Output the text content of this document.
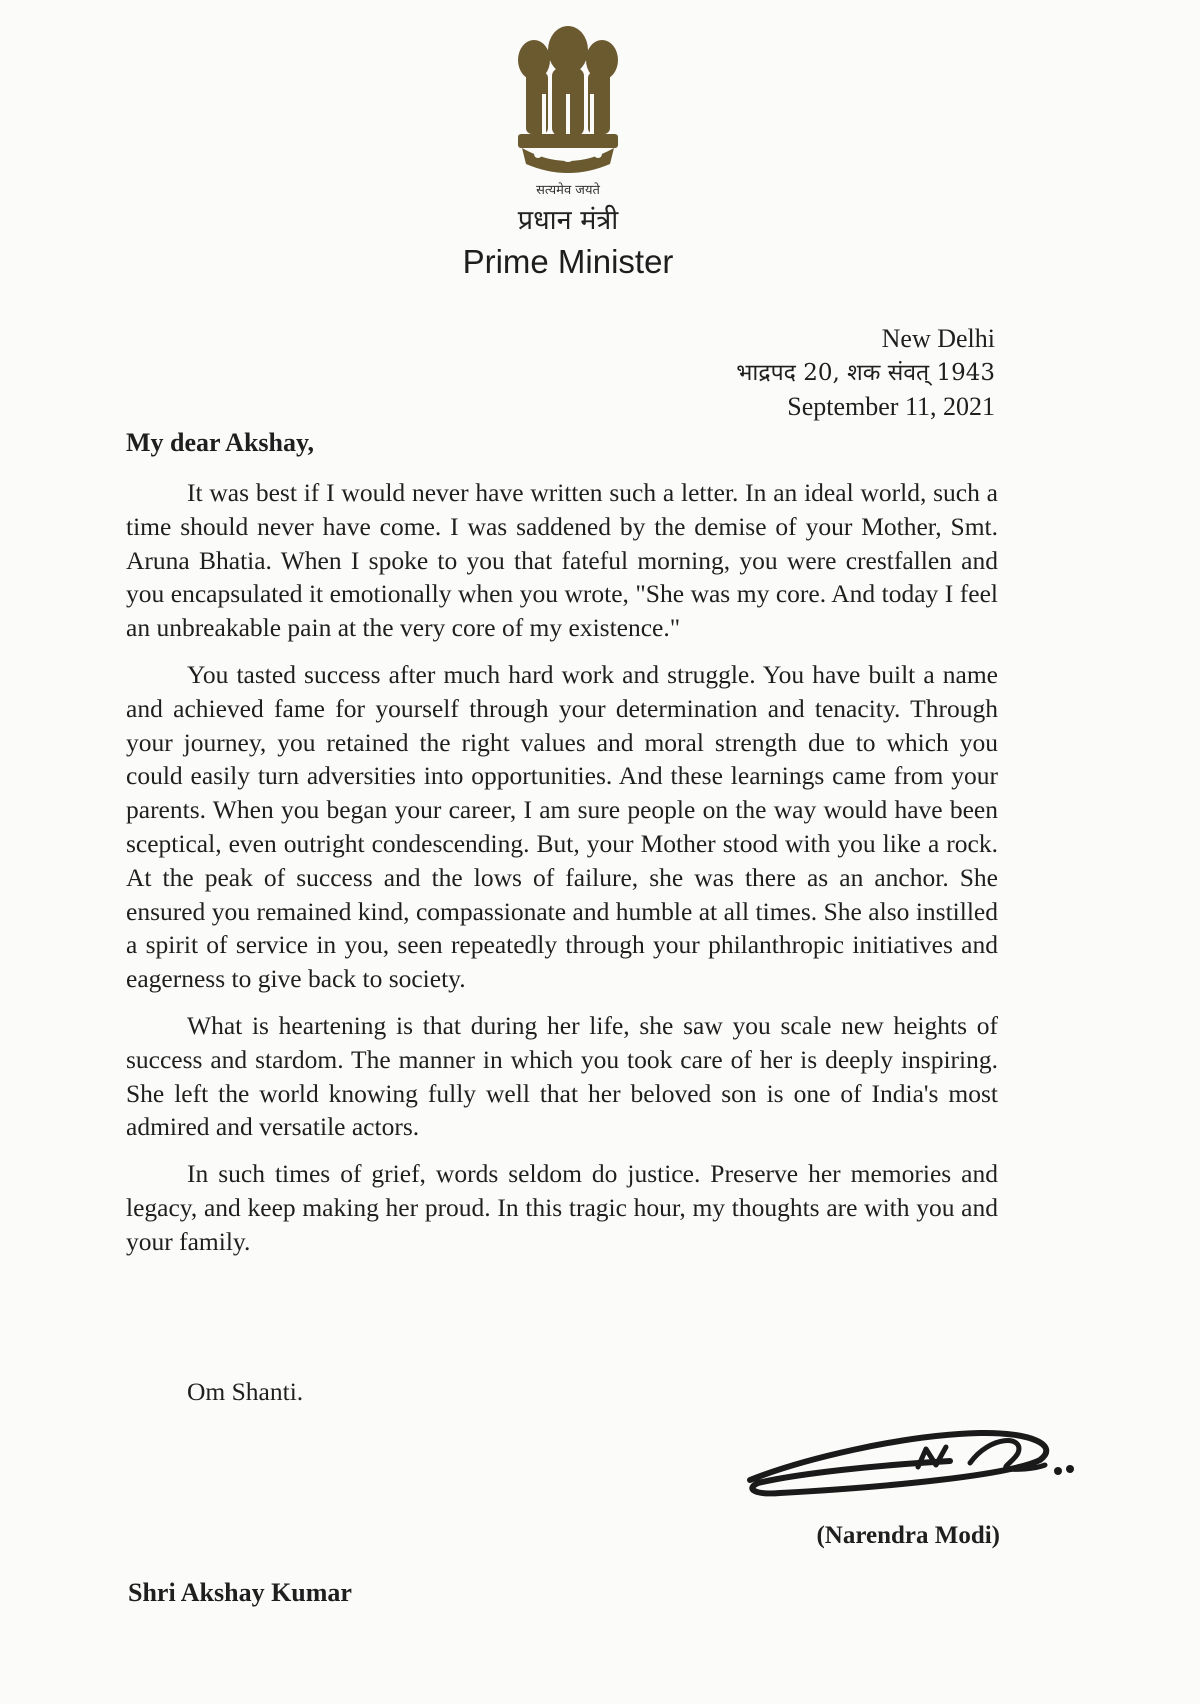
सत्यमेव जयते
प्रधान मंत्री
Prime Minister
New Delhi
भाद्रपद 20, शक संवत् 1943
September 11, 2021
My dear Akshay,

It was best if I would never have written such a letter. In an ideal world, such a time should never have come. I was saddened by the demise of your Mother, Smt. Aruna Bhatia. When I spoke to you that fateful morning, you were crestfallen and you encapsulated it emotionally when you wrote, "She was my core. And today I feel an unbreakable pain at the very core of my existence."

You tasted success after much hard work and struggle. You have built a name and achieved fame for yourself through your determination and tenacity. Through your journey, you retained the right values and moral strength due to which you could easily turn adversities into opportunities. And these learnings came from your parents. When you began your career, I am sure people on the way would have been sceptical, even outright condescending. But, your Mother stood with you like a rock. At the peak of success and the lows of failure, she was there as an anchor. She ensured you remained kind, compassionate and humble at all times. She also instilled a spirit of service in you, seen repeatedly through your philanthropic initiatives and eagerness to give back to society.

What is heartening is that during her life, she saw you scale new heights of success and stardom. The manner in which you took care of her is deeply inspiring. She left the world knowing fully well that her beloved son is one of India's most admired and versatile actors.

In such times of grief, words seldom do justice. Preserve her memories and legacy, and keep making her proud. In this tragic hour, my thoughts are with you and your family.

Om Shanti.
(Narendra Modi)
Shri Akshay Kumar
